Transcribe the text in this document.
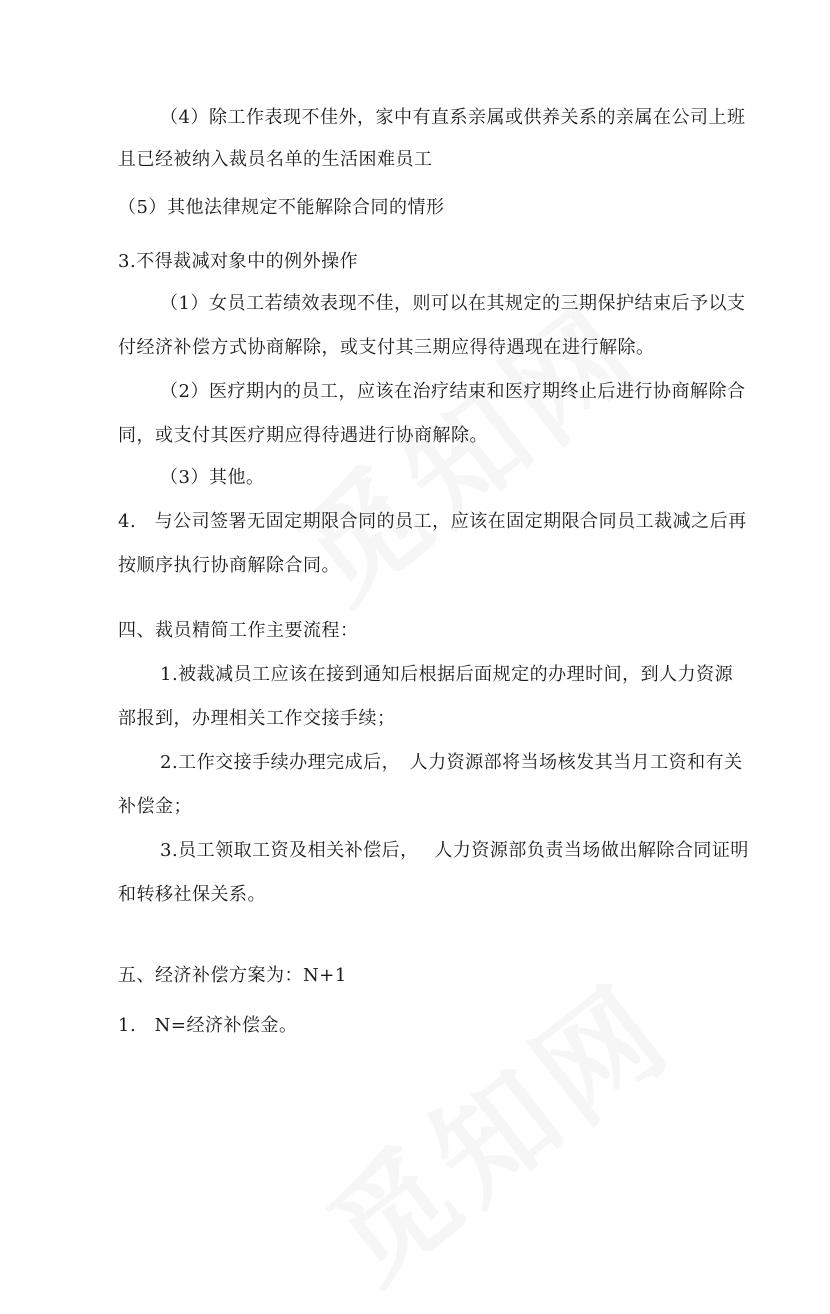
（4）除工作表现不佳外，家中有直系亲属或供养关系的亲属在公司上班
且已经被纳入裁员名单的生活困难员工
（5）其他法律规定不能解除合同的情形
3.不得裁减对象中的例外操作
（1）女员工若绩效表现不佳，则可以在其规定的三期保护结束后予以支
付经济补偿方式协商解除，或支付其三期应得待遇现在进行解除。
（2）医疗期内的员工，应该在治疗结束和医疗期终止后进行协商解除合
同，或支付其医疗期应得待遇进行协商解除。
（3）其他。
4.　与公司签署无固定期限合同的员工，应该在固定期限合同员工裁减之后再
按顺序执行协商解除合同。
四、裁员精简工作主要流程：
1.被裁减员工应该在接到通知后根据后面规定的办理时间，到人力资源
部报到，办理相关工作交接手续；
2.工作交接手续办理完成后，　人力资源部将当场核发其当月工资和有关
补偿金；
3.员工领取工资及相关补偿后，　 人力资源部负责当场做出解除合同证明
和转移社保关系。
五、经济补偿方案为：N+1
1.　N=经济补偿金。
